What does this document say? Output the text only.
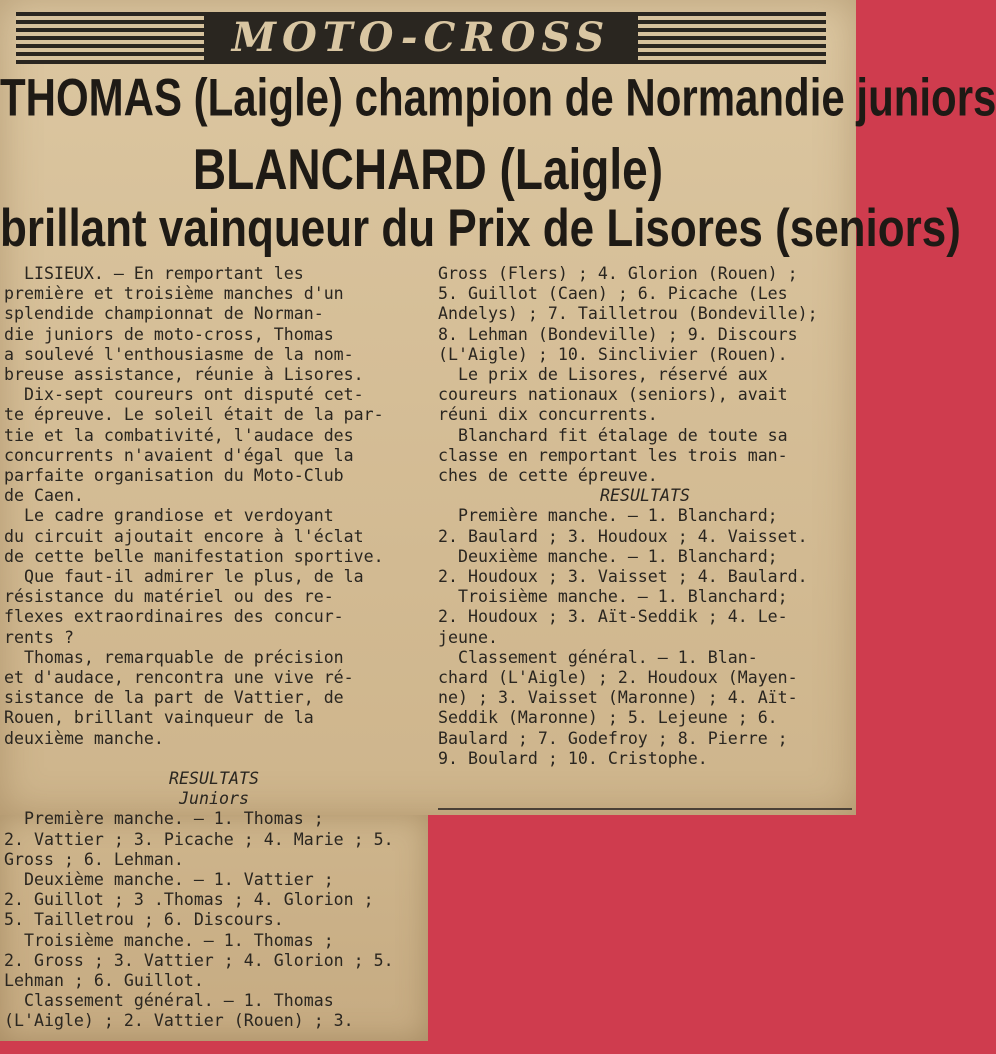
MOTO-CROSS
THOMAS (Laigle) champion de Normandie juniors
BLANCHARD (Laigle)
brillant vainqueur du Prix de Lisores (seniors)

LISIEUX. — En remportant les

première et troisième manches d'un

splendide championnat de Norman-

die juniors de moto-cross, Thomas

a soulevé l'enthousiasme de la nom-

breuse assistance, réunie à Lisores.

Dix-sept coureurs ont disputé cet-

te épreuve. Le soleil était de la par-

tie et la combativité, l'audace des

concurrents n'avaient d'égal que la

parfaite organisation du Moto-Club

de Caen.

Le cadre grandiose et verdoyant

du circuit ajoutait encore à l'éclat

de cette belle manifestation sportive.

Que faut-il admirer le plus, de la

résistance du matériel ou des re-

flexes extraordinaires des concur-

rents ?

Thomas, remarquable de précision

et d'audace, rencontra une vive ré-

sistance de la part de Vattier, de

Rouen, brillant vainqueur de la

deuxième manche.

RESULTATS

Juniors

Première manche. — 1. Thomas ;

2. Vattier ; 3. Picache ; 4. Marie ; 5.

Gross ; 6. Lehman.

Deuxième manche. — 1. Vattier ;

2. Guillot ; 3 .Thomas ; 4. Glorion ;

5. Tailletrou ; 6. Discours.

Troisième manche. — 1. Thomas ;

2. Gross ; 3. Vattier ; 4. Glorion ; 5.

Lehman ; 6. Guillot.

Classement général. — 1. Thomas

(L'Aigle) ; 2. Vattier (Rouen) ; 3.

Gross (Flers) ; 4. Glorion (Rouen) ;

5. Guillot (Caen) ; 6. Picache (Les

Andelys) ; 7. Tailletrou (Bondeville);

8. Lehman (Bondeville) ; 9. Discours

(L'Aigle) ; 10. Sinclivier (Rouen).

Le prix de Lisores, réservé aux

coureurs nationaux (seniors), avait

réuni dix concurrents.

Blanchard fit étalage de toute sa

classe en remportant les trois man-

ches de cette épreuve.

RESULTATS

Première manche. — 1. Blanchard;

2. Baulard ; 3. Houdoux ; 4. Vaisset.

Deuxième manche. — 1. Blanchard;

2. Houdoux ; 3. Vaisset ; 4. Baulard.

Troisième manche. — 1. Blanchard;

2. Houdoux ; 3. Aït-Seddik ; 4. Le-

jeune.

Classement général. — 1. Blan-

chard (L'Aigle) ; 2. Houdoux (Mayen-

ne) ; 3. Vaisset (Maronne) ; 4. Aït-

Seddik (Maronne) ; 5. Lejeune ; 6.

Baulard ; 7. Godefroy ; 8. Pierre ;

9. Boulard ; 10. Cristophe.
